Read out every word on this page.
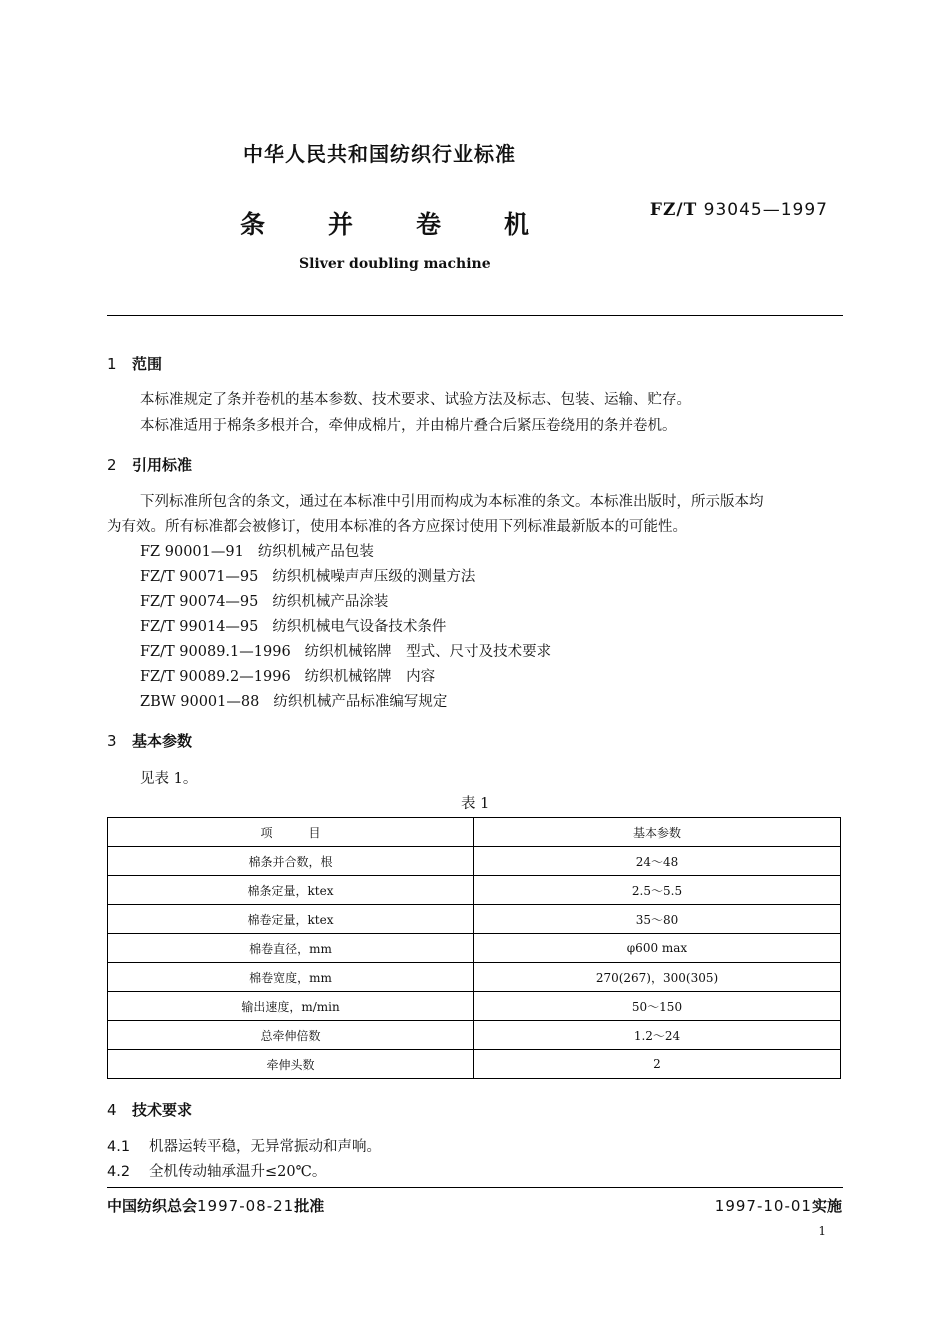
中华人民共和国纺织行业标准
条	并	卷	机	FZ/T 93045—1997
Sliver doubling machine
1 范围
本标准规定了条并卷机的基本参数、技术要求、试验方法及标志、包装、运输、贮存。
本标准适用于棉条多根并合，牵伸成棉片，并由棉片叠合后紧压卷绕用的条并卷机。
2 引用标准
下列标准所包含的条文，通过在本标准中引用而构成为本标准的条文。本标准出版时，所示版本均
为有效。所有标准都会被修订，使用本标准的各方应探讨使用下列标准最新版本的可能性。
FZ 90001—91 纺织机械产品包装
FZ/T 90071—95 纺织机械噪声声压级的测量方法
FZ/T 90074—95 纺织机械产品涂装
FZ/T 99014—95 纺织机械电气设备技术条件
FZ/T 90089.1—1996 纺织机械铭牌　型式、尺寸及技术要求
FZ/T 90089.2—1996 纺织机械铭牌　内容
ZBW 90001—88 纺织机械产品标准编写规定
3 基本参数
见表 1。
表 1
项　　　目	基本参数
棉条并合数，根	24～48
棉条定量，ktex	2.5～5.5
棉卷定量，ktex	35～80
棉卷直径，mm	φ600 max
棉卷宽度，mm	270(267)，300(305)
输出速度，m/min	50～150
总牵伸倍数	1.2～24
牵伸头数	2
4 技术要求
4.1 机器运转平稳，无异常振动和声响。
4.2 全机传动轴承温升≤20℃。
中国纺织总会1997-08-21批准	1997-10-01实施
1
